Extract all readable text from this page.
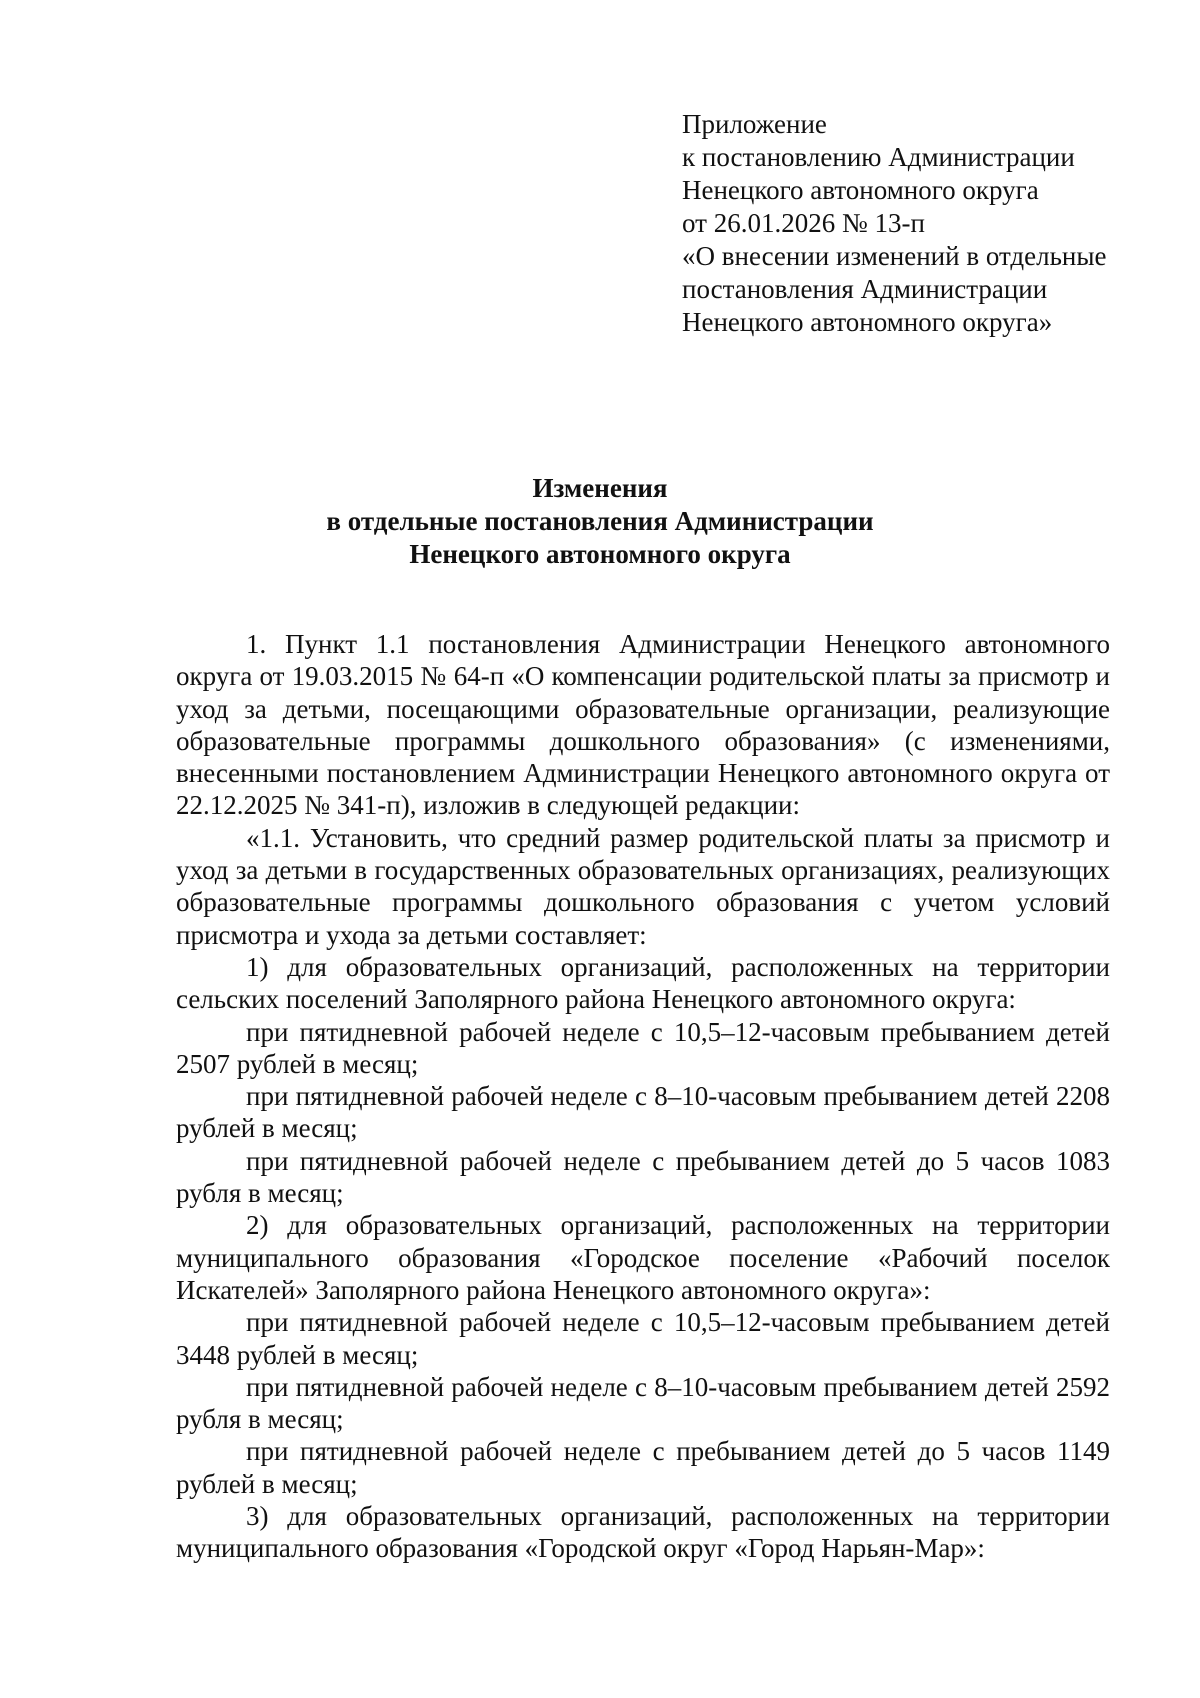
Приложение
к постановлению Администрации
Ненецкого автономного округа
от 26.01.2026 № 13-п
«О внесении изменений в отдельные
постановления Администрации
Ненецкого автономного округа»
Изменения
в отдельные постановления Администрации
Ненецкого автономного округа

1. Пункт 1.1 постановления Администрации Ненецкого автономного округа от 19.03.2015 № 64-п «О компенсации родительской платы за присмотр и уход за детьми, посещающими образовательные организации, реализующие образовательные программы дошкольного образования» (с изменениями, внесенными постановлением Администрации Ненецкого автономного округа от 22.12.2025 № 341-п), изложив в следующей редакции:

«1.1. Установить, что средний размер родительской платы за присмотр и уход за детьми в государственных образовательных организациях, реализующих образовательные программы дошкольного образования с учетом условий присмотра и ухода за детьми составляет:

1) для образовательных организаций, расположенных на территории сельских поселений Заполярного района Ненецкого автономного округа:

при пятидневной рабочей неделе с 10,5–12-часовым пребыванием детей 2507 рублей в месяц;

при пятидневной рабочей неделе с 8–10-часовым пребыванием детей 2208 рублей в месяц;

при пятидневной рабочей неделе с пребыванием детей до 5 часов 1083 рубля в месяц;

2) для образовательных организаций, расположенных на территории муниципального образования «Городское поселение «Рабочий поселок Искателей» Заполярного района Ненецкого автономного округа»:

при пятидневной рабочей неделе с 10,5–12-часовым пребыванием детей 3448 рублей в месяц;

при пятидневной рабочей неделе с 8–10-часовым пребыванием детей 2592 рубля в месяц;

при пятидневной рабочей неделе с пребыванием детей до 5 часов 1149 рублей в месяц;

3) для образовательных организаций, расположенных на территории муниципального образования «Городской округ «Город Нарьян-Мар»:
